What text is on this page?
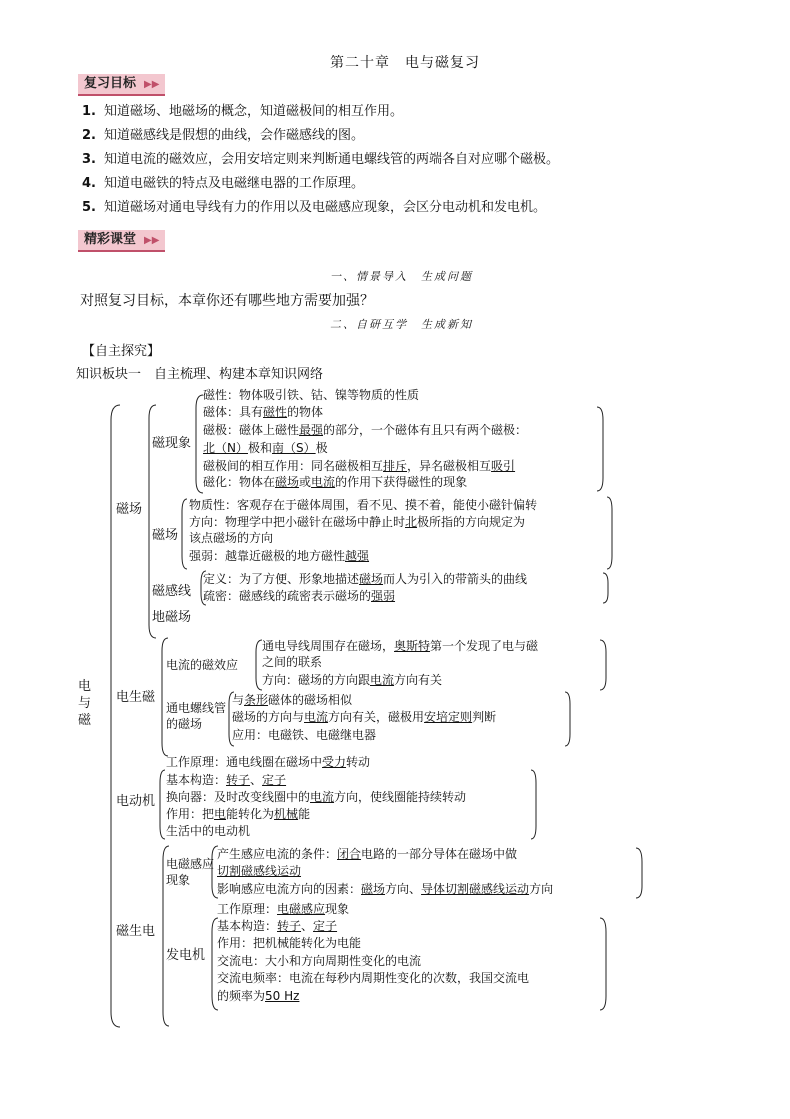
第二十章　电与磁复习
复习目标 ▶▶
1. 知道磁场、地磁场的概念，知道磁极间的相互作用。
2. 知道磁感线是假想的曲线，会作磁感线的图。
3. 知道电流的磁效应，会用安培定则来判断通电螺线管的两端各自对应哪个磁极。
4. 知道电磁铁的特点及电磁继电器的工作原理。
5. 知道磁场对通电导线有力的作用以及电磁感应现象，会区分电动机和发电机。
精彩课堂 ▶▶
一、情景导入　生成问题
对照复习目标，本章你还有哪些地方需要加强？
二、自研互学　生成新知
【自主探究】
知识板块一　自主梳理、构建本章知识网络
电与磁
磁场
电生磁
电动机
磁生电
磁现象
磁场
磁感线
地磁场
电流的磁效应
通电螺线管的磁场
电磁感应现象
发电机
磁性：物体吸引铁、钴、镍等物质的性质
磁体：具有磁性的物体
磁极：磁体上磁性最强的部分，一个磁体有且只有两个磁极：
北（N）极和南（S）极
磁极间的相互作用：同名磁极相互排斥，异名磁极相互吸引
磁化：物体在磁场或电流的作用下获得磁性的现象
物质性：客观存在于磁体周围，看不见、摸不着，能使小磁针偏转
方向：物理学中把小磁针在磁场中静止时北极所指的方向规定为
该点磁场的方向
强弱：越靠近磁极的地方磁性越强
定义：为了方便、形象地描述磁场而人为引入的带箭头的曲线
疏密：磁感线的疏密表示磁场的强弱
通电导线周围存在磁场，奥斯特第一个发现了电与磁
之间的联系
方向：磁场的方向跟电流方向有关
与条形磁体的磁场相似
磁场的方向与电流方向有关，磁极用安培定则判断
应用：电磁铁、电磁继电器
工作原理：通电线圈在磁场中受力转动
基本构造：转子、定子
换向器：及时改变线圈中的电流方向，使线圈能持续转动
作用：把电能转化为机械能
生活中的电动机
产生感应电流的条件：闭合电路的一部分导体在磁场中做
切割磁感线运动
影响感应电流方向的因素：磁场方向、导体切割磁感线运动方向
工作原理：电磁感应现象
基本构造：转子、定子
作用：把机械能转化为电能
交流电：大小和方向周期性变化的电流
交流电频率：电流在每秒内周期性变化的次数，我国交流电
的频率为50 Hz
